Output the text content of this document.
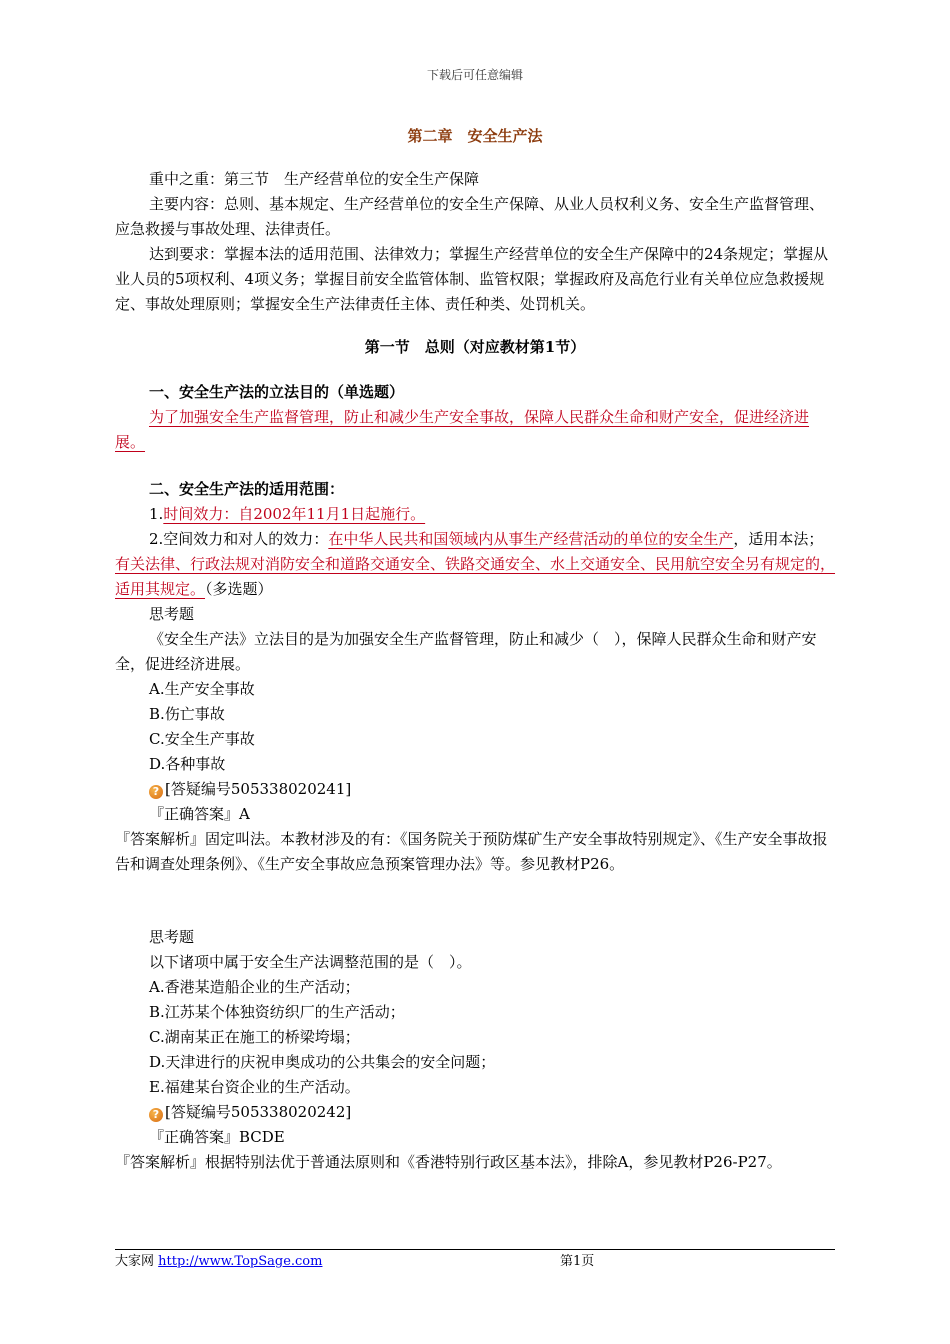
下载后可任意编辑

第二章　安全生产法

重中之重：第三节　生产经营单位的安全生产保障

主要内容：总则、基本规定、生产经营单位的安全生产保障、从业人员权利义务、安全生产监督管理、应急救援与事故处理、法律责任。

达到要求：掌握本法的适用范围、法律效力；掌握生产经营单位的安全生产保障中的24条规定；掌握从业人员的5项权利、4项义务；掌握目前安全监管体制、监管权限；掌握政府及高危行业有关单位应急救援规定、事故处理原则；掌握安全生产法律责任主体、责任种类、处罚机关。

第一节　总则（对应教材第1节）

一、安全生产法的立法目的（单选题）

为了加强安全生产监督管理，防止和减少生产安全事故，保障人民群众生命和财产安全，促进经济进展。

二、安全生产法的适用范围：

1.时间效力：自2002年11月1日起施行。

2.空间效力和对人的效力：在中华人民共和国领域内从事生产经营活动的单位的安全生产，适用本法；有关法律、行政法规对消防安全和道路交通安全、铁路交通安全、水上交通安全、民用航空安全另有规定的，适用其规定。（多选题）

思考题

《安全生产法》立法目的是为加强安全生产监督管理，防止和减少（　），保障人民群众生命和财产安全，促进经济进展。

A.生产安全事故

B.伤亡事故

C.安全生产事故

D.各种事故

? [答疑编号505338020241]

『正确答案』A

『答案解析』固定叫法。本教材涉及的有：《国务院关于预防煤矿生产安全事故特别规定》、《生产安全事故报告和调查处理条例》、《生产安全事故应急预案管理办法》等。参见教材P26。

思考题

以下诸项中属于安全生产法调整范围的是（　）。

A.香港某造船企业的生产活动；

B.江苏某个体独资纺织厂的生产活动；

C.湖南某正在施工的桥梁垮塌；

D.天津进行的庆祝申奥成功的公共集会的安全问题；

E.福建某台资企业的生产活动。

? [答疑编号505338020242]

『正确答案』BCDE

『答案解析』根据特别法优于普通法原则和《香港特别行政区基本法》，排除A，参见教材P26-P27。

大家网 http://www.TopSage.com	第1页
